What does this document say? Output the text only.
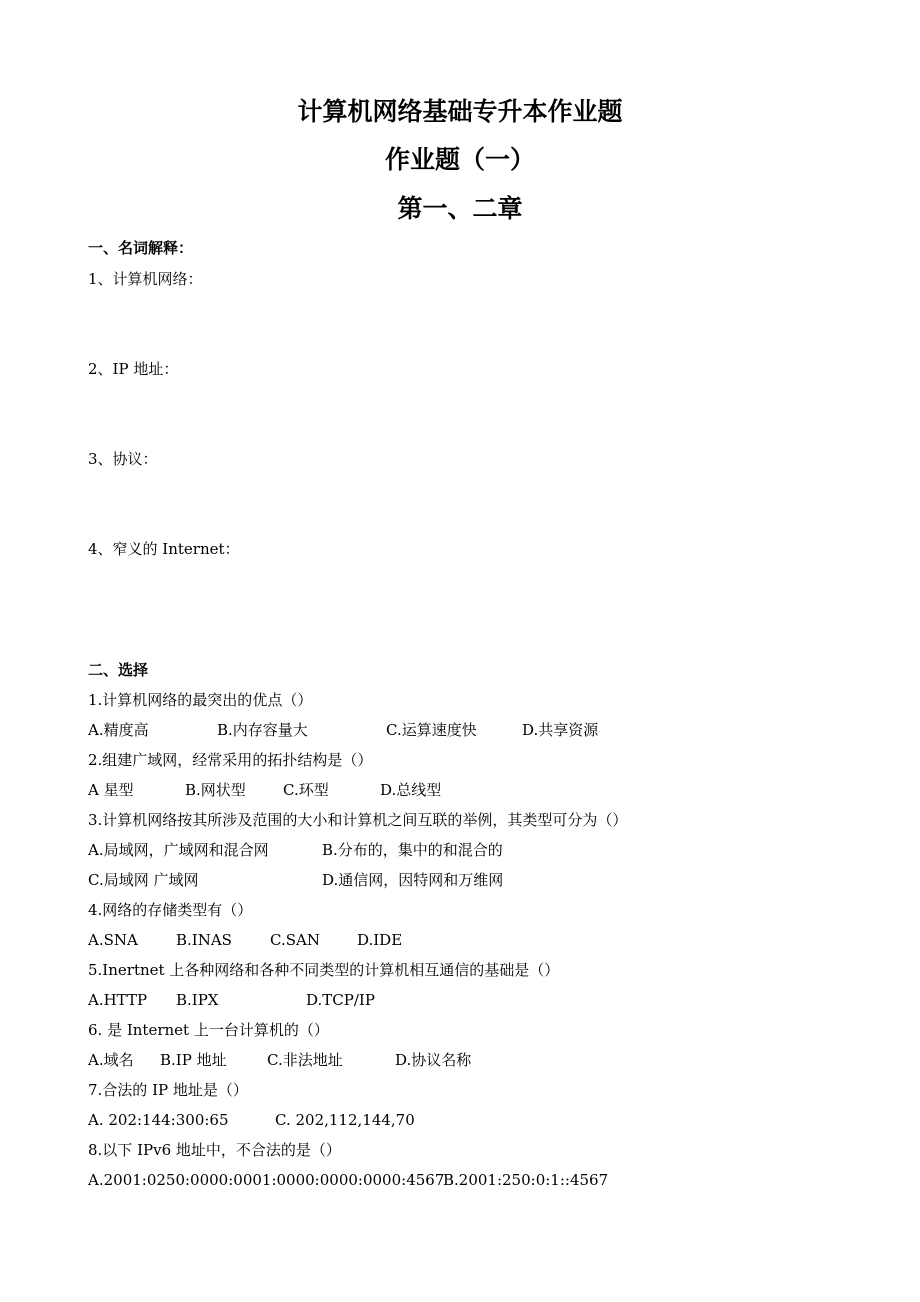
计算机网络基础专升本作业题
作业题（一）
第一、二章
一、名词解释：
1、计算机网络：
2、IP 地址：
3、协议：
4、窄义的 Internet：
二、选择
1.计算机网络的最突出的优点（）
A.精度高	B.内存容量大	C.运算速度快	D.共享资源
2.组建广域网，经常采用的拓扑结构是（）
A 星型	B.网状型 C.环型	D.总线型
3.计算机网络按其所涉及范围的大小和计算机之间互联的举例，其类型可分为（）
A.局域网，广域网和混合网	B.分布的，集中的和混合的
C.局域网 广域网	D.通信网，因特网和万维网
4.网络的存储类型有（）
A.SNA	B.INAS	C.SAN D.IDE
5.Inertnet 上各种网络和各种不同类型的计算机相互通信的基础是（）
A.HTTP B.IPX	D.TCP/IP
6. 是 Internet 上一台计算机的（）
A.域名 B.IP 地址	C.非法地址	D.协议名称
7.合法的 IP 地址是（）
A. 202:144:300:65	C. 202,112,144,70
8.以下 IPv6 地址中，不合法的是（）
A.2001:0250:0000:0001:0000:0000:0000:4567
B.2001:250:0:1::4567
